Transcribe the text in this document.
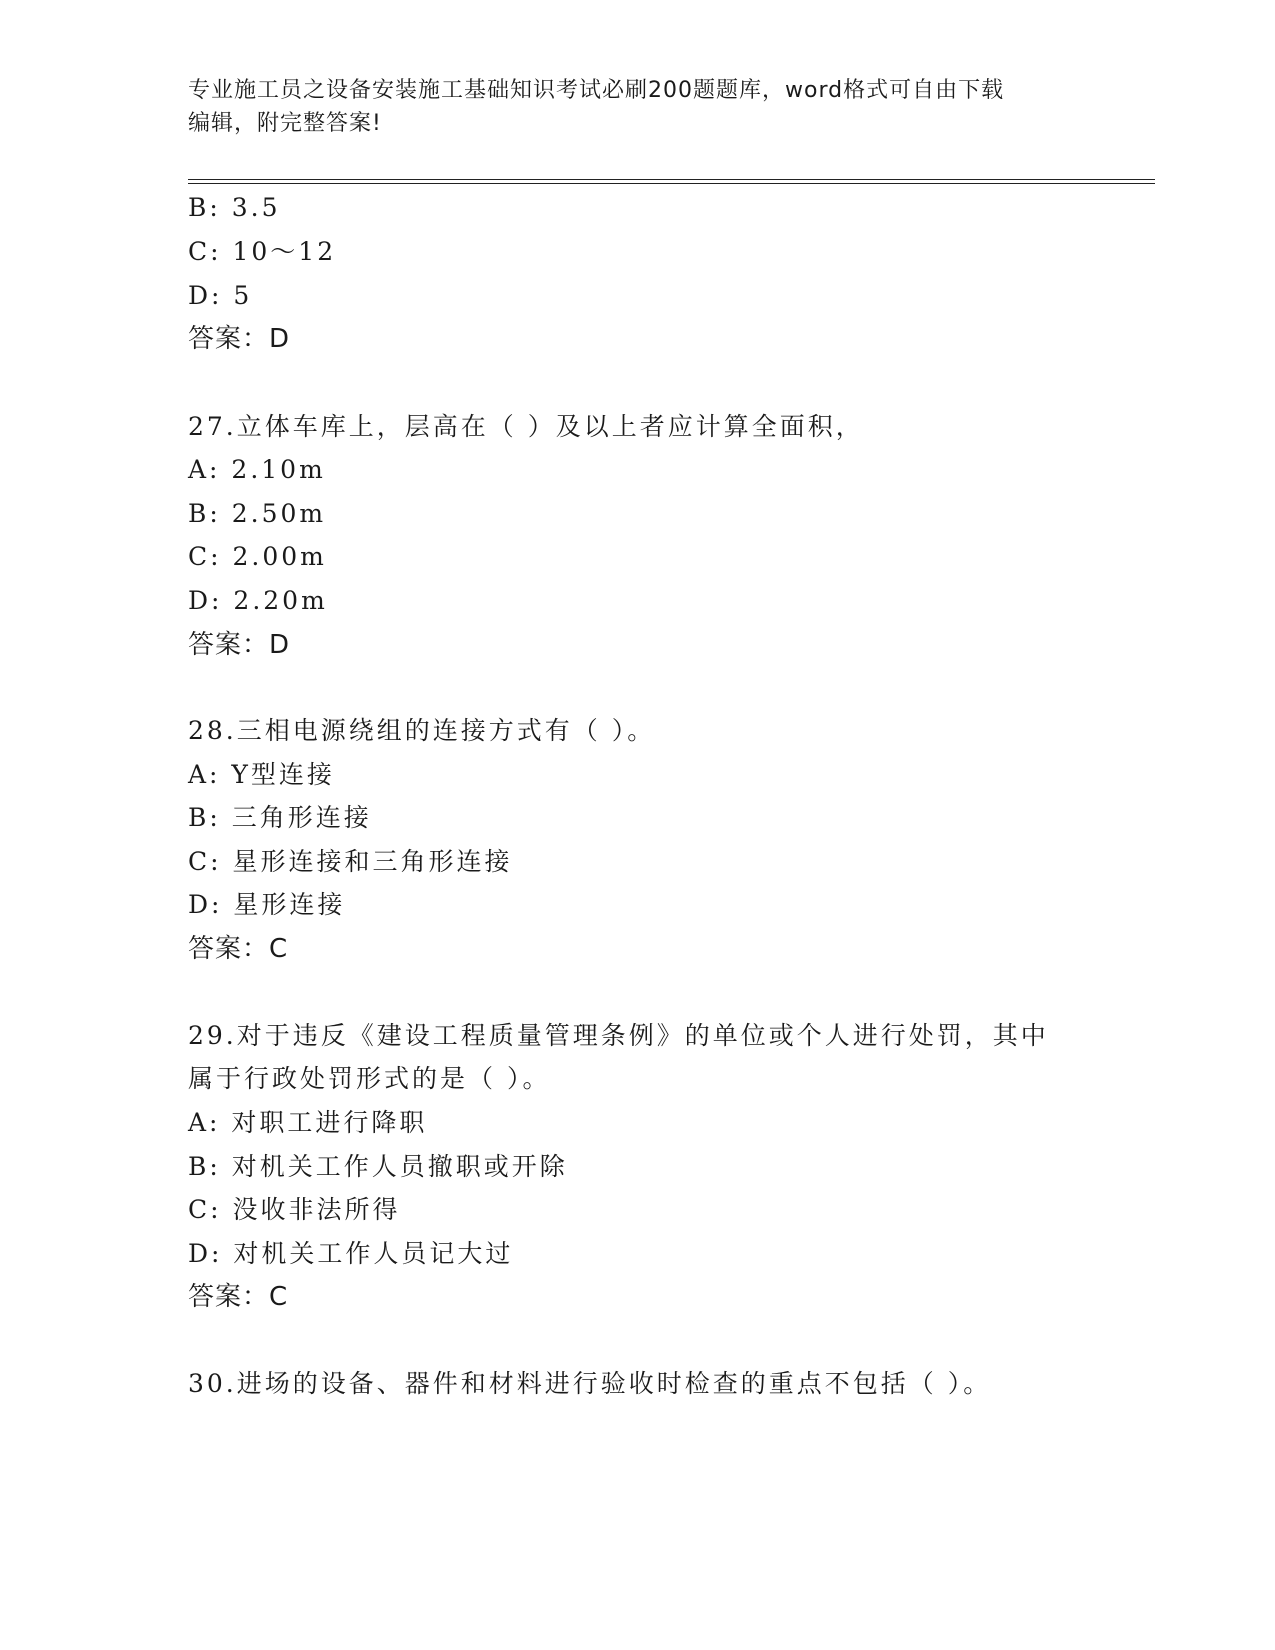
专业施工员之设备安装施工基础知识考试必刷200题题库，word格式可自由下载
编辑，附完整答案!
B: 3.5
C: 10～12
D: 5
答案：D
27.立体车库上，层高在（ ）及以上者应计算全面积，
A: 2.10m
B: 2.50m
C: 2.00m
D: 2.20m
答案：D
28.三相电源绕组的连接方式有（ ）。
A: Y型连接
B: 三角形连接
C: 星形连接和三角形连接
D: 星形连接
答案：C
29.对于违反《建设工程质量管理条例》的单位或个人进行处罚，其中
属于行政处罚形式的是（ ）。
A: 对职工进行降职
B: 对机关工作人员撤职或开除
C: 没收非法所得
D: 对机关工作人员记大过
答案：C
30.进场的设备、器件和材料进行验收时检查的重点不包括（ ）。
